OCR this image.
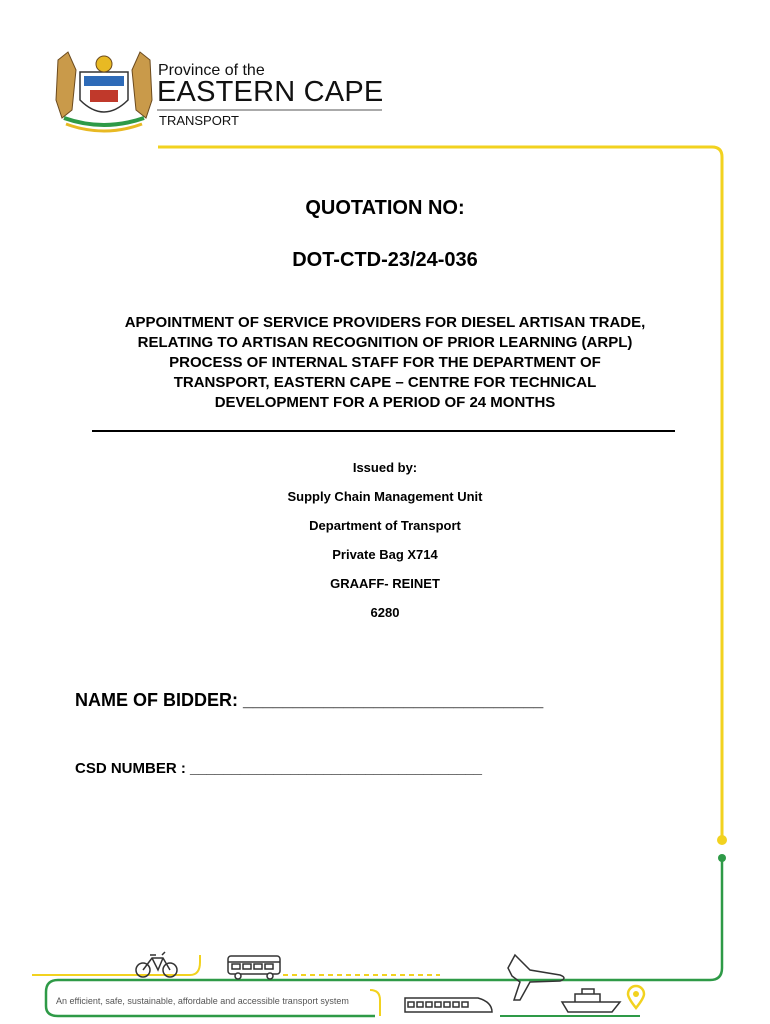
Province of the
EASTERN CAPE
TRANSPORT
QUOTATION NO:
DOT-CTD-23/24-036
APPOINTMENT OF SERVICE PROVIDERS FOR DIESEL ARTISAN TRADE,
RELATING TO ARTISAN RECOGNITION OF PRIOR LEARNING (ARPL)
PROCESS OF INTERNAL STAFF FOR THE DEPARTMENT OF
TRANSPORT, EASTERN CAPE – CENTRE FOR TECHNICAL
DEVELOPMENT FOR A PERIOD OF 24 MONTHS
Issued by:
Supply Chain Management Unit
Department of Transport
Private Bag X714
GRAAFF- REINET
6280
NAME OF BIDDER: ______________________________
CSD NUMBER : ___________________________________
An efficient, safe, sustainable, affordable and accessible transport system
